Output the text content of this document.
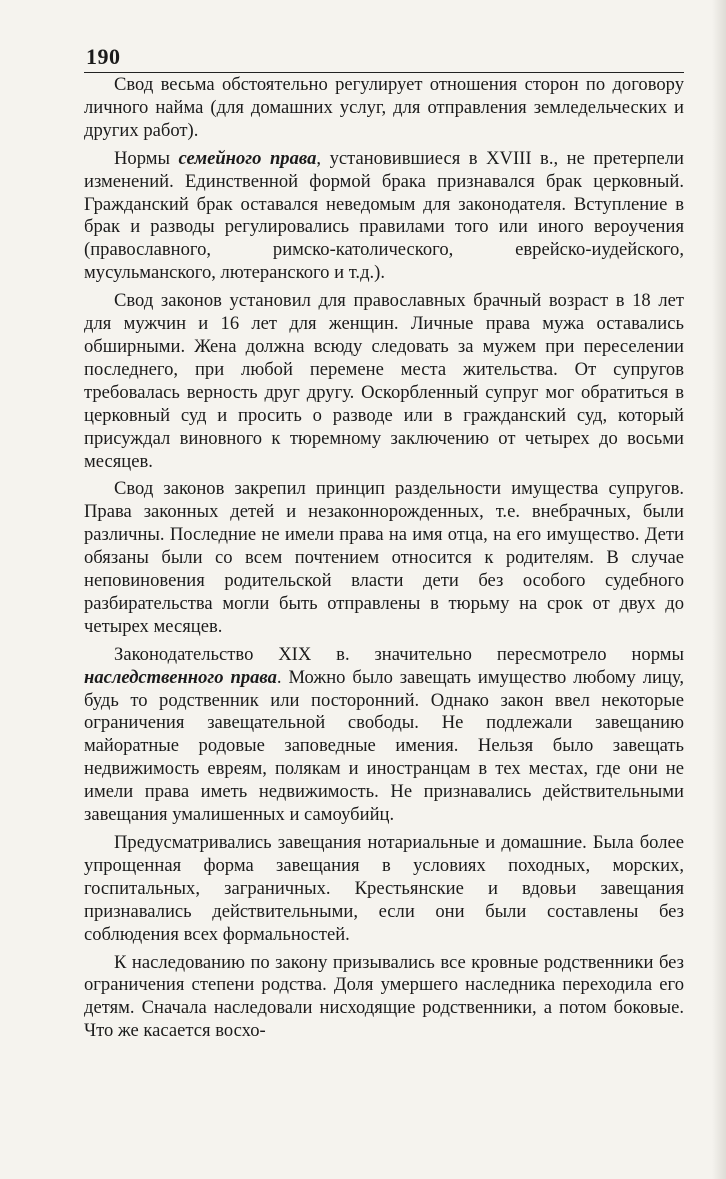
190

Свод весьма обстоятельно регулирует отношения сторон по договору личного найма (для домашних услуг, для отправления земледельческих и других работ).

Нормы семейного права, установившиеся в XVIII в., не претерпели изменений. Единственной формой брака признавался брак церковный. Гражданский брак оставался неведомым для законодателя. Вступление в брак и разводы регулировались правилами того или иного вероучения (православного, римско-католического, еврейско-иудейского, мусульманского, лютеранского и т.д.).

Свод законов установил для православных брачный возраст в 18 лет для мужчин и 16 лет для женщин. Личные права мужа оставались обширными. Жена должна всюду следовать за мужем при переселении последнего, при любой перемене места жительства. От супругов требовалась верность друг другу. Оскорбленный супруг мог обратиться в церковный суд и просить о разводе или в гражданский суд, который присуждал виновного к тюремному заключению от четырех до восьми месяцев.

Свод законов закрепил принцип раздельности имущества супругов. Права законных детей и незаконнорожденных, т.е. внебрачных, были различны. Последние не имели права на имя отца, на его имущество. Дети обязаны были со всем почтением относится к родителям. В случае неповиновения родительской власти дети без особого судебного разбирательства могли быть отправлены в тюрьму на срок от двух до четырех месяцев.

Законодательство XIX в. значительно пересмотрело нормы наследственного права. Можно было завещать имущество любому лицу, будь то родственник или посторонний. Однако закон ввел некоторые ограничения завещательной свободы. Не подлежали завещанию майоратные родовые заповедные имения. Нельзя было завещать недвижимость евреям, полякам и иностранцам в тех местах, где они не имели права иметь недвижимость. Не признавались действительными завещания умалишенных и самоубийц.

Предусматривались завещания нотариальные и домашние. Была более упрощенная форма завещания в условиях походных, морских, госпитальных, заграничных. Крестьянские и вдовьи завещания признавались действительными, если они были составлены без соблюдения всех формальностей.

К наследованию по закону призывались все кровные родственники без ограничения степени родства. Доля умершего наследника переходила его детям. Сначала наследовали нисходящие родственники, а потом боковые. Что же касается восхо-
